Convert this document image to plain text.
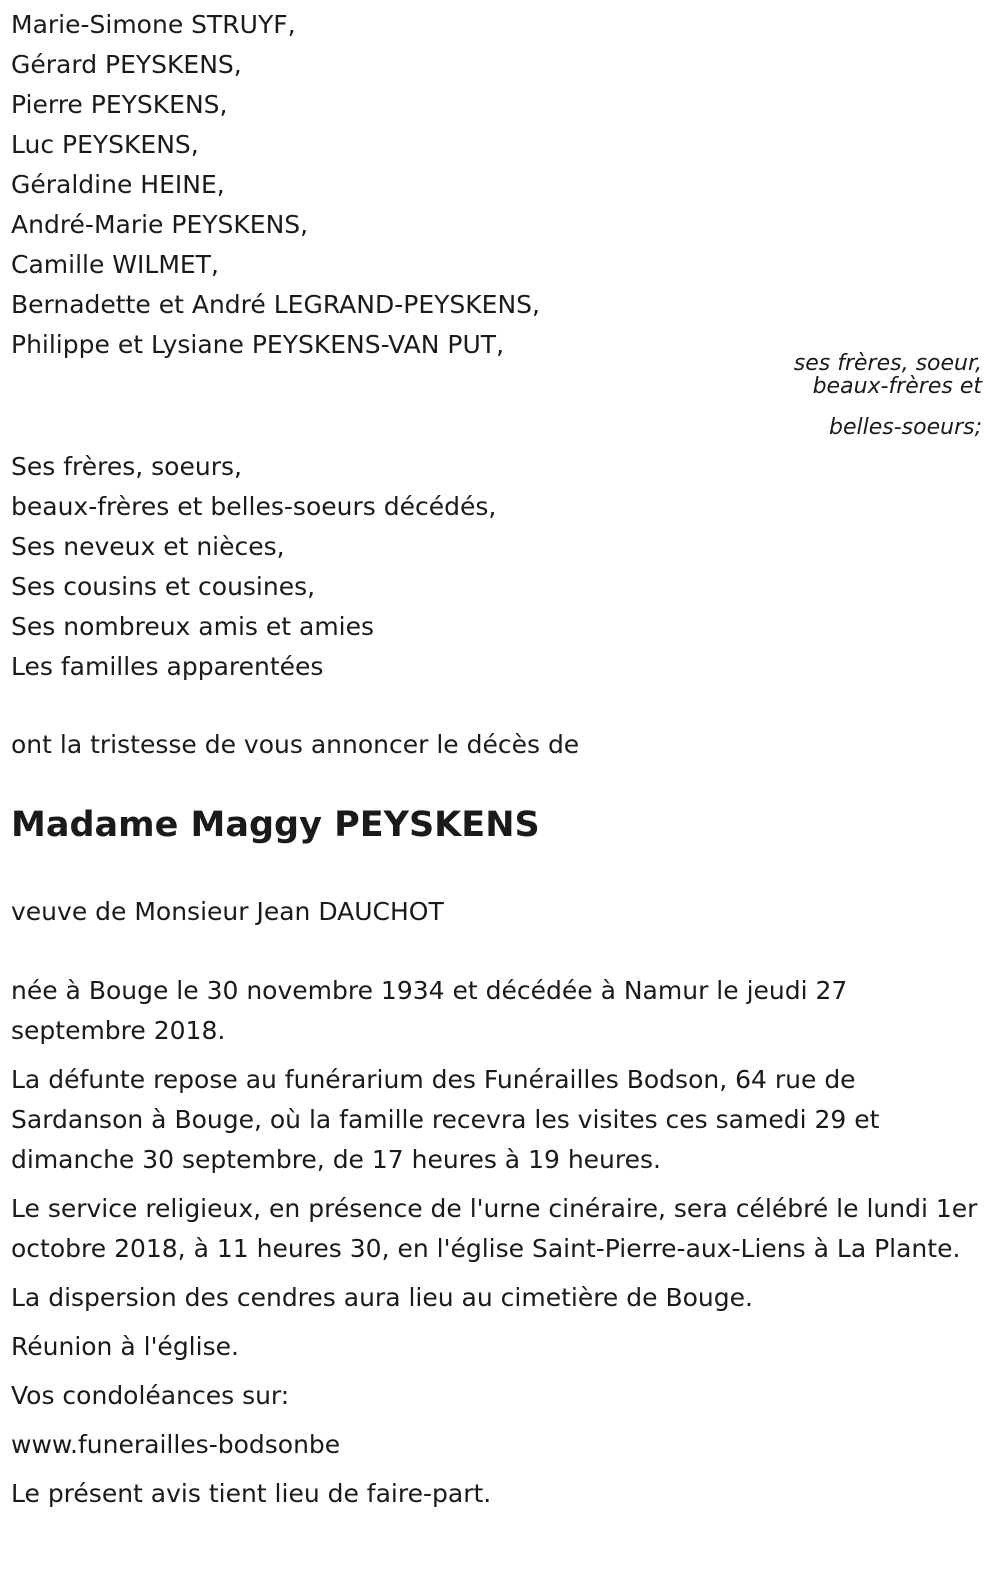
Marie-Simone STRUYF,

Gérard PEYSKENS,

Pierre PEYSKENS,

Luc PEYSKENS,

Géraldine HEINE,

André-Marie PEYSKENS,

Camille WILMET,

Bernadette et André LEGRAND-PEYSKENS,

Philippe et Lysiane PEYSKENS-VAN PUT,

ses frères, soeur,
beaux-frères et
belles-soeurs;

Ses frères, soeurs,

beaux-frères et belles-soeurs décédés,

Ses neveux et nièces,

Ses cousins et cousines,

Ses nombreux amis et amies

Les familles apparentées

ont la tristesse de vous annoncer le décès de

Madame Maggy PEYSKENS

veuve de Monsieur Jean DAUCHOT

née à Bouge le 30 novembre 1934 et décédée à Namur le jeudi 27 septembre 2018.

La défunte repose au funérarium des Funérailles Bodson, 64 rue de Sardanson à Bouge, où la famille recevra les visites ces samedi 29 et dimanche 30 septembre, de 17 heures à 19 heures.

Le service religieux, en présence de l'urne cinéraire, sera célébré le lundi 1er octobre 2018, à 11 heures 30, en l'église Saint-Pierre-aux-Liens à La Plante.

La dispersion des cendres aura lieu au cimetière de Bouge.

Réunion à l'église.

Vos condoléances sur:

www.funerailles-bodsonbe

Le présent avis tient lieu de faire-part.
